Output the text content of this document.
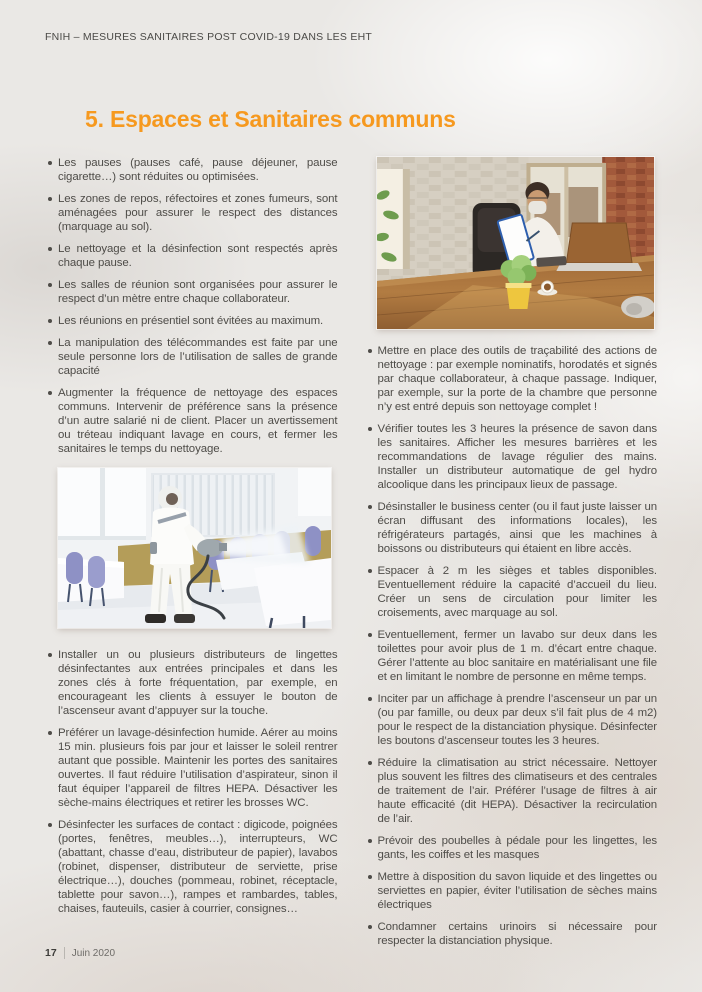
FNIH – MESURES SANITAIRES POST COVID-19 DANS LES EHT
5. Espaces et Sanitaires communs
Les pauses (pauses café, pause déjeuner, pause cigarette…) sont réduites ou optimisées.
Les zones de repos, réfectoires et zones fumeurs, sont aménagées pour assurer le respect des distances (marquage au sol).
Le nettoyage et la désinfection sont respectés après chaque pause.
Les salles de réunion sont organisées pour assurer le respect d’un mètre entre chaque collaborateur.
Les réunions en présentiel sont évitées au maximum.
La manipulation des télécommandes est faite par une seule personne lors de l’utilisation de salles de grande capacité
Augmenter la fréquence de nettoyage des espaces communs. Intervenir de préférence sans la présence d’un autre salarié ni de client. Placer un avertissement ou tréteau indiquant lavage en cours, et fermer les sanitaires le temps du nettoyage.
Installer un ou plusieurs distributeurs de lingettes désinfectantes aux entrées principales et dans les zones clés à forte fréquentation, par exemple, en encourageant les clients à essuyer le bouton de l’ascenseur avant d’appuyer sur la touche.
Préférer un lavage-désinfection humide. Aérer au moins 15 min. plusieurs fois par jour et laisser le soleil rentrer autant que possible. Maintenir les portes des sanitaires ouvertes. Il faut réduire l’utilisation d’aspirateur, sinon il faut équiper l’appareil de filtres HEPA. Désactiver les sèche-mains électriques et retirer les brosses WC.
Désinfecter les surfaces de contact : digicode, poignées (portes, fenêtres, meubles…), interrupteurs, WC (abattant, chasse d’eau, distributeur de papier), lavabos (robinet, dispenser, distributeur de serviette, prise électrique…), douches (pommeau, robinet, réceptacle, tablette pour savon…), rampes et rambardes, tables, chaises, fauteuils, casier à courrier, consignes…
Mettre en place des outils de traçabilité des actions de nettoyage : par exemple nominatifs, horodatés et signés par chaque collaborateur, à chaque passage. Indiquer, par exemple, sur la porte de la chambre que personne n’y est entré depuis son nettoyage complet !
Vérifier toutes les 3 heures la présence de savon dans les sanitaires. Afficher les mesures barrières et les recommandations de lavage régulier des mains. Installer un distributeur automatique de gel hydro alcoolique dans les principaux lieux de passage.
Désinstaller le business center (ou il faut juste laisser un écran diffusant des informations locales), les réfrigérateurs partagés, ainsi que les machines à boissons ou distributeurs qui étaient en libre accès.
Espacer à 2 m les sièges et tables disponibles. Eventuellement réduire la capacité d’accueil du lieu. Créer un sens de circulation pour limiter les croisements, avec marquage au sol.
Eventuellement, fermer un lavabo sur deux dans les toilettes pour avoir plus de 1 m. d’écart entre chaque. Gérer l’attente au bloc sanitaire en matérialisant une file et en limitant le nombre de personne en même temps.
Inciter par un affichage à prendre l’ascenseur un par un (ou par famille, ou deux par deux s’il fait plus de 4 m2) pour le respect de la distanciation physique. Désinfecter les boutons d’ascenseur toutes les 3 heures.
Réduire la climatisation au strict nécessaire. Nettoyer plus souvent les filtres des climatiseurs et des centrales de traitement de l’air. Préférer l’usage de filtres à air haute efficacité (dit HEPA). Désactiver la recirculation de l’air.
Prévoir des poubelles à pédale pour les lingettes, les gants, les coiffes et les masques
Mettre à disposition du savon liquide et des lingettes ou serviettes en papier, éviter l’utilisation de sèches mains électriques
Condamner certains urinoirs si nécessaire pour respecter la distanciation physique.
17 Juin 2020
